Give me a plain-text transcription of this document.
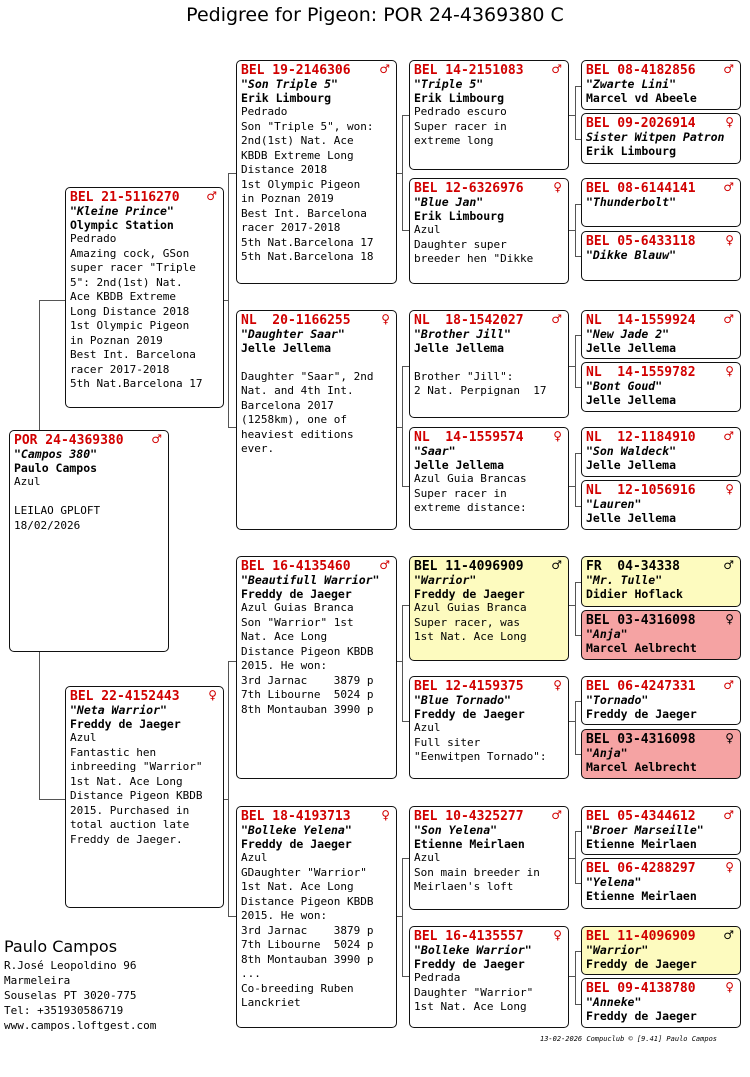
Pedigree for Pigeon: POR 24-4369380 C
POR 24-4369380	♂
"Campos 380"
Paulo Campos
Azul

LEILAO GPLOFT
18/02/2026
BEL 21-5116270	♂
"Kleine Prince"
Olympic Station
Pedrado
Amazing cock, GSon
super racer "Triple
5": 2nd(1st) Nat.
Ace KBDB Extreme
Long Distance 2018
1st Olympic Pigeon
in Poznan 2019
Best Int. Barcelona
racer 2017-2018
5th Nat.Barcelona 17
BEL 22-4152443	♀
"Neta Warrior"
Freddy de Jaeger
Azul
Fantastic hen
inbreeding "Warrior"
1st Nat. Ace Long
Distance Pigeon KBDB
2015. Purchased in
total auction late
Freddy de Jaeger.
BEL 19-2146306	♂
"Son Triple 5"
Erik Limbourg
Pedrado
Son "Triple 5", won:
2nd(1st) Nat. Ace
KBDB Extreme Long
Distance 2018
1st Olympic Pigeon
in Poznan 2019
Best Int. Barcelona
racer 2017-2018
5th Nat.Barcelona 17
5th Nat.Barcelona 18
NL  20-1166255	♀
"Daughter Saar"
Jelle Jellema

Daughter "Saar", 2nd
Nat. and 4th Int.
Barcelona 2017
(1258km), one of
heaviest editions
ever.
BEL 16-4135460	♂
"Beautifull Warrior"
Freddy de Jaeger
Azul Guias Branca
Son "Warrior" 1st
Nat. Ace Long
Distance Pigeon KBDB
2015. He won:
3rd Jarnac    3879 p
7th Libourne  5024 p
8th Montauban 3990 p
BEL 18-4193713	♀
"Bolleke Yelena"
Freddy de Jaeger
Azul
GDaughter "Warrior"
1st Nat. Ace Long
Distance Pigeon KBDB
2015. He won:
3rd Jarnac    3879 p
7th Libourne  5024 p
8th Montauban 3990 p
...
Co-breeding Ruben
Lanckriet
BEL 14-2151083	♂
"Triple 5"
Erik Limbourg
Pedrado escuro
Super racer in
extreme long
BEL 12-6326976	♀
"Blue Jan"
Erik Limbourg
Azul
Daughter super
breeder hen "Dikke
NL  18-1542027	♂
"Brother Jill"
Jelle Jellema

Brother "Jill":
2 Nat. Perpignan  17
NL  14-1559574	♀
"Saar"
Jelle Jellema
Azul Guia Brancas
Super racer in
extreme distance:
BEL 11-4096909	♂
"Warrior"
Freddy de Jaeger
Azul Guias Branca
Super racer, was
1st Nat. Ace Long
BEL 12-4159375	♀
"Blue Tornado"
Freddy de Jaeger
Azul
Full siter
"Eenwitpen Tornado":
BEL 10-4325277	♂
"Son Yelena"
Etienne Meirlaen
Azul
Son main breeder in
Meirlaen's loft
BEL 16-4135557	♀
"Bolleke Warrior"
Freddy de Jaeger
Pedrada
Daughter "Warrior"
1st Nat. Ace Long
BEL 08-4182856	♂
"Zwarte Lini"
Marcel vd Abeele
BEL 09-2026914	♀
Sister Witpen Patron
Erik Limbourg
BEL 08-6144141	♂
"Thunderbolt"
BEL 05-6433118	♀
"Dikke Blauw"
NL  14-1559924	♂
"New Jade 2"
Jelle Jellema
NL  14-1559782	♀
"Bont Goud"
Jelle Jellema
NL  12-1184910	♂
"Son Waldeck"
Jelle Jellema
NL  12-1056916	♀
"Lauren"
Jelle Jellema
FR  04-34338	♂
"Mr. Tulle"
Didier Hoflack
BEL 03-4316098	♀
"Anja"
Marcel Aelbrecht
BEL 06-4247331	♂
"Tornado"
Freddy de Jaeger
BEL 03-4316098	♀
"Anja"
Marcel Aelbrecht
BEL 05-4344612	♂
"Broer Marseille"
Etienne Meirlaen
BEL 06-4288297	♀
"Yelena"
Etienne Meirlaen
BEL 11-4096909	♂
"Warrior"
Freddy de Jaeger
BEL 09-4138780	♀
"Anneke"
Freddy de Jaeger
Paulo Campos
R.José Leopoldino 96
Marmeleira
Souselas PT 3020-775
Tel: +351930586719
www.campos.loftgest.com
13-02-2026 Compuclub © [9.41] Paulo Campos
